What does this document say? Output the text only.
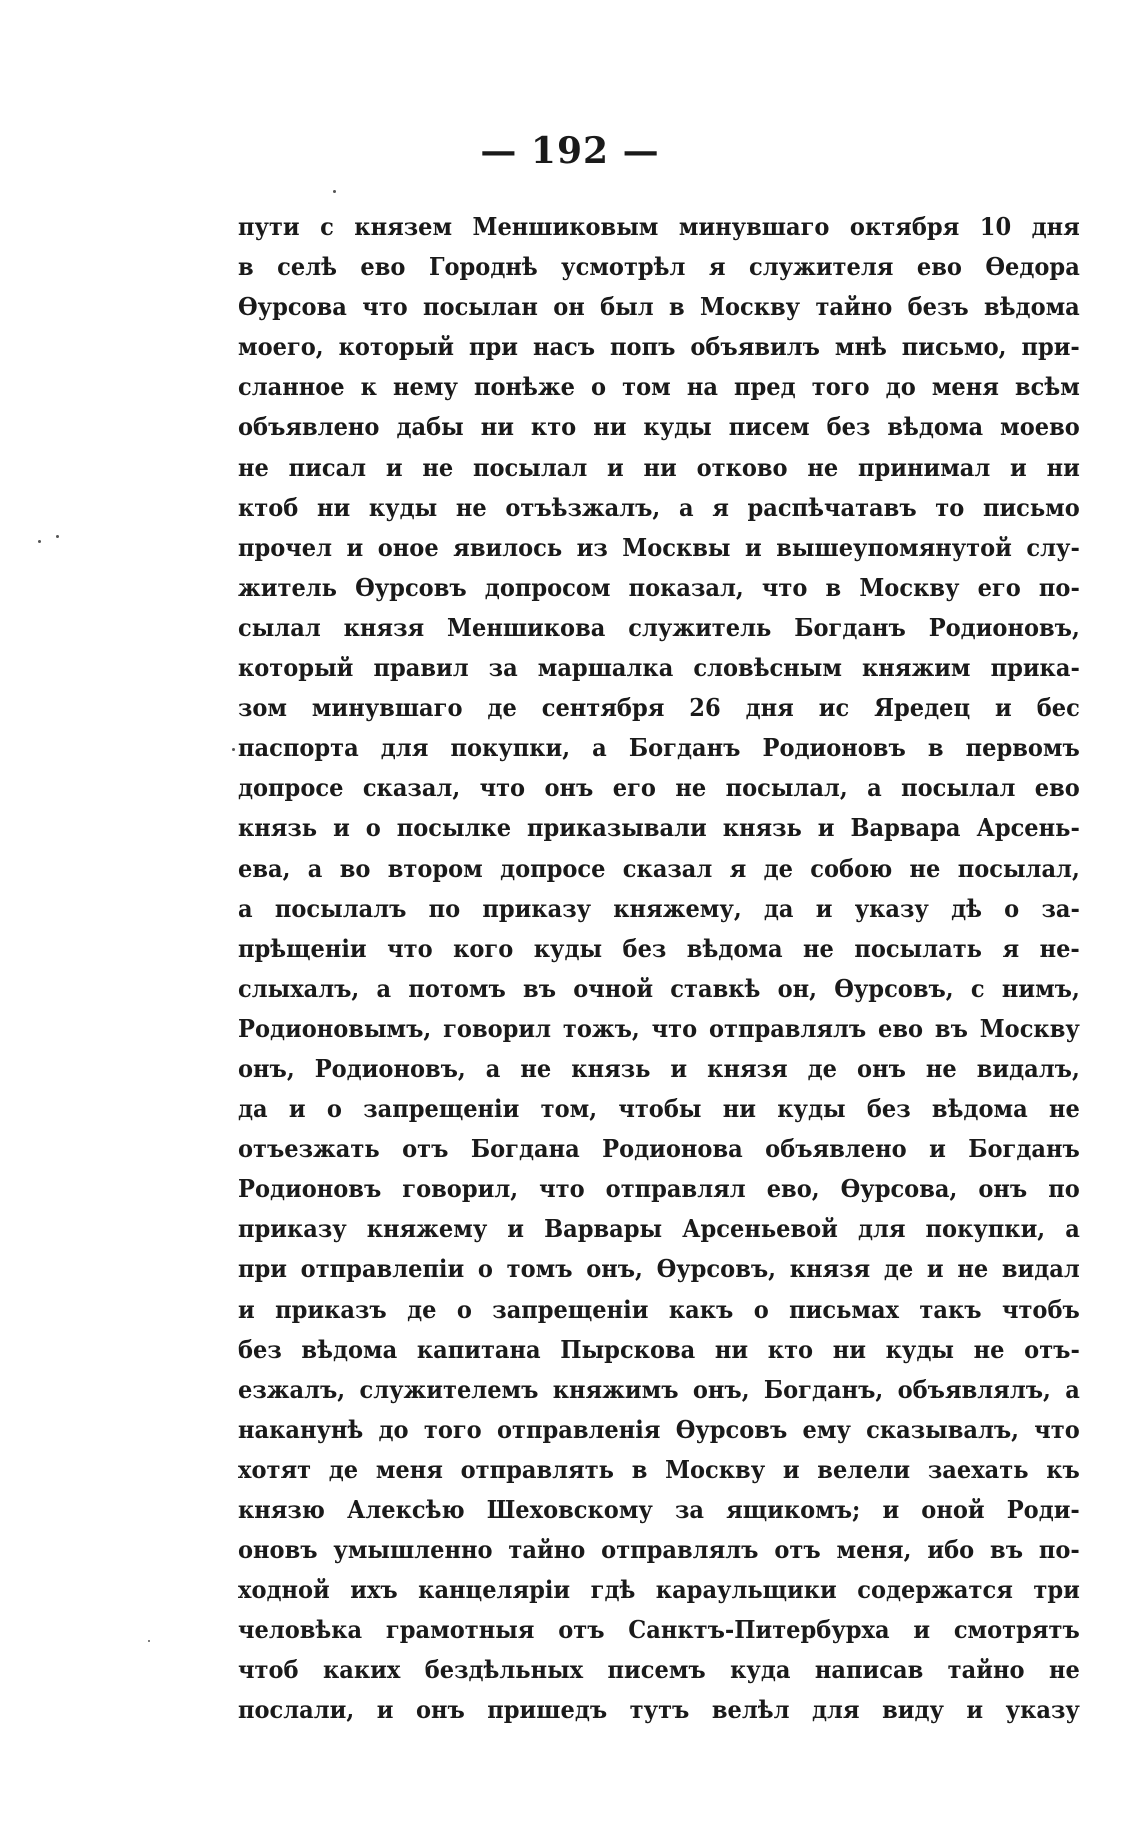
— 192 —
пути с князем Меншиковым минувшаго октября 10 дня
в селѣ ево Городнѣ усмотрѣл я служителя ево Ѳедора
Ѳурсова что посылан он был в Москву тайно безъ вѣдома
моего, который при насъ попъ объявилъ мнѣ письмо, при-
сланное к нему понѣже о том на пред того до меня всѣм
объявлено дабы ни кто ни куды писем без вѣдома моево
не писал и не посылал и ни отково не принимал и ни
ктоб ни куды не отъѣзжалъ, а я распѣчатавъ то письмо
прочел и оное явилось из Москвы и вышеупомянутой слу-
житель Ѳурсовъ допросом показал, что в Москву его по-
сылал князя Меншикова служитель Богданъ Родионовъ,
который правил за маршалка словѣсным княжим прика-
зом минувшаго де сентября 26 дня ис Яредец и бес
паспорта для покупки, а Богданъ Родионовъ в первомъ
допросе сказал, что онъ его не посылал, а посылал ево
князь и о посылке приказывали князь и Варвара Арсень-
ева, а во втором допросе сказал я де собою не посылал,
а посылалъ по приказу княжему, да и указу дѣ о за-
прѣщеніи что кого куды без вѣдома не посылать я не-
слыхалъ, а потомъ въ очной ставкѣ он, Ѳурсовъ, с нимъ,
Родионовымъ, говорил тожъ, что отправлялъ ево въ Москву
онъ, Родионовъ, а не князь и князя де онъ не видалъ,
да и о запрещеніи том, чтобы ни куды без вѣдома не
отъезжать отъ Богдана Родионова объявлено и Богданъ
Родионовъ говорил, что отправлял ево, Ѳурсова, онъ по
приказу княжему и Варвары Арсеньевой для покупки, а
при отправлепіи о томъ онъ, Ѳурсовъ, князя де и не видал
и приказъ де о запрещеніи какъ о письмах такъ чтобъ
без вѣдома капитана Пырскова ни кто ни куды не отъ-
езжалъ, служителемъ княжимъ онъ, Богданъ, объявлялъ, а
наканунѣ до того отправленія Ѳурсовъ ему сказывалъ, что
хотят де меня отправлять в Москву и велели заехать къ
князю Алексѣю Шеховскому за ящикомъ; и оной Роди-
оновъ умышленно тайно отправлялъ отъ меня, ибо въ по-
ходной ихъ канцеляріи гдѣ караульщики содержатся три
человѣка грамотныя отъ Санктъ-Питербурха и смотрятъ
чтоб каких бездѣльных писемъ куда написав тайно не
послали, и онъ пришедъ тутъ велѣл для виду и указу
